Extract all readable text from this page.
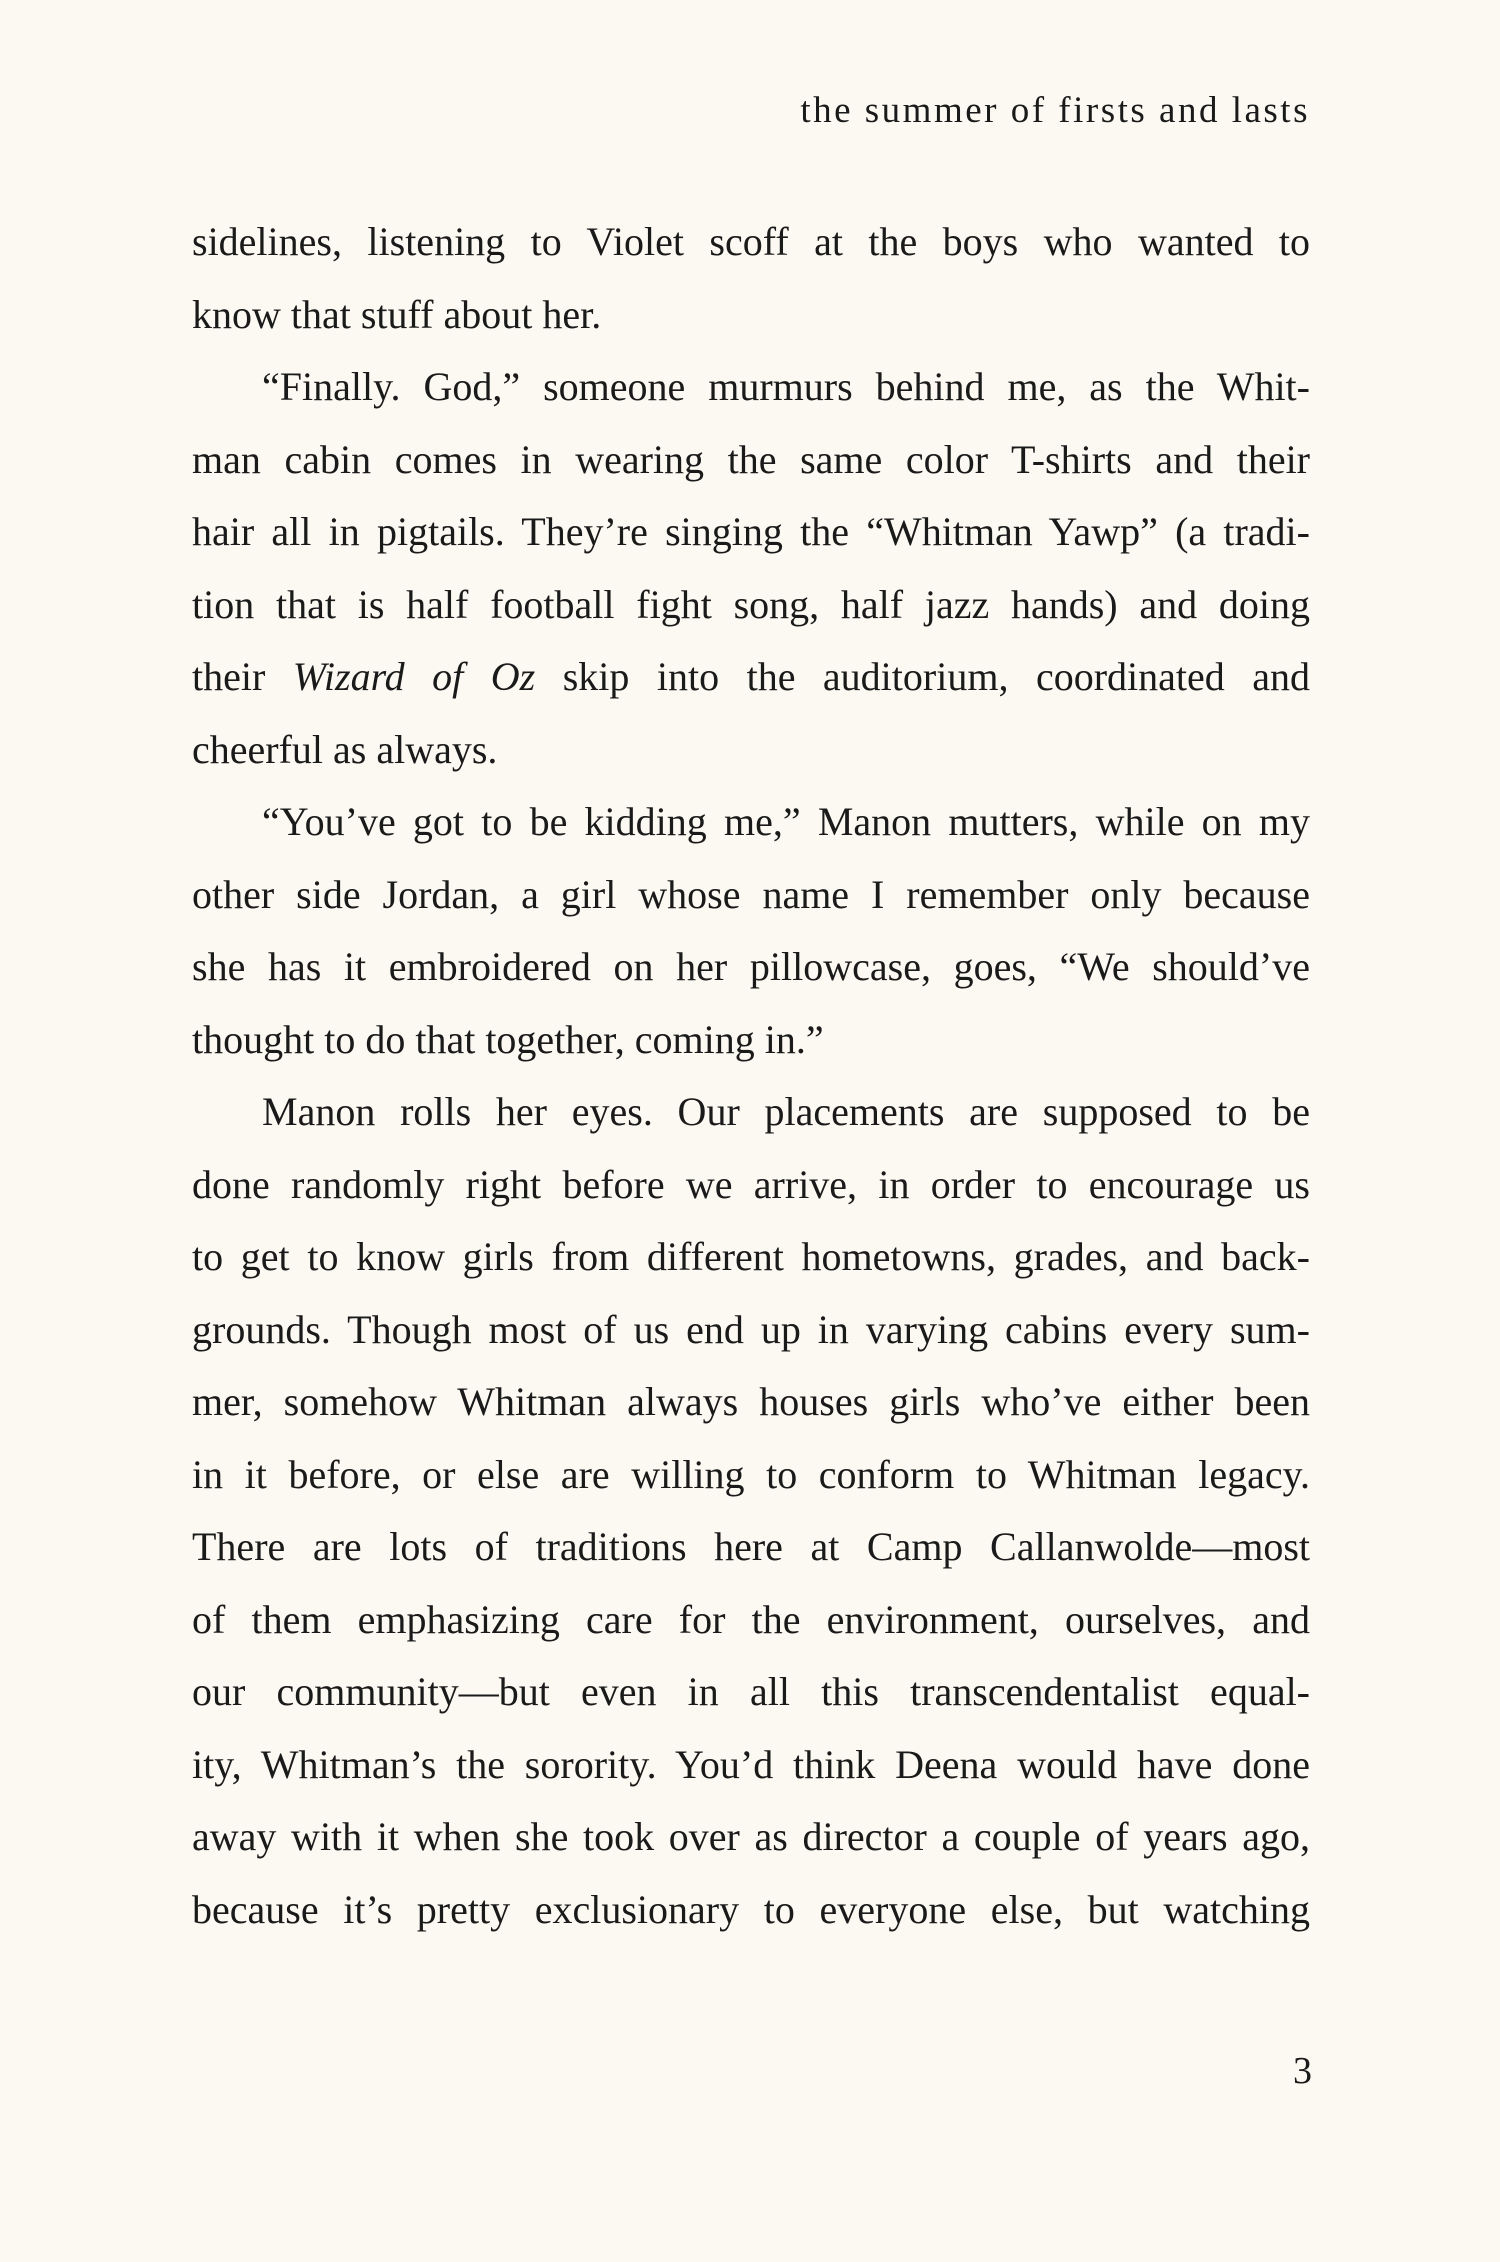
the summer of firsts and lasts
sidelines, listening to Violet scoff at the boys who wanted to
know that stuff about her.
“Finally. God,” someone murmurs behind me, as the Whit-
man cabin comes in wearing the same color T-shirts and their
hair all in pigtails. They’re singing the “Whitman Yawp” (a tradi-
tion that is half football fight song, half jazz hands) and doing
their Wizard of Oz skip into the auditorium, coordinated and
cheerful as always.
“You’ve got to be kidding me,” Manon mutters, while on my
other side Jordan, a girl whose name I remember only because
she has it embroidered on her pillowcase, goes, “We should’ve
thought to do that together, coming in.”
Manon rolls her eyes. Our placements are supposed to be
done randomly right before we arrive, in order to encourage us
to get to know girls from different hometowns, grades, and back-
grounds. Though most of us end up in varying cabins every sum-
mer, somehow Whitman always houses girls who’ve either been
in it before, or else are willing to conform to Whitman legacy.
There are lots of traditions here at Camp Callanwolde—most
of them emphasizing care for the environment, ourselves, and
our community—but even in all this transcendentalist equal-
ity, Whitman’s the sorority. You’d think Deena would have done
away with it when she took over as director a couple of years ago,
because it’s pretty exclusionary to everyone else, but watching
3
